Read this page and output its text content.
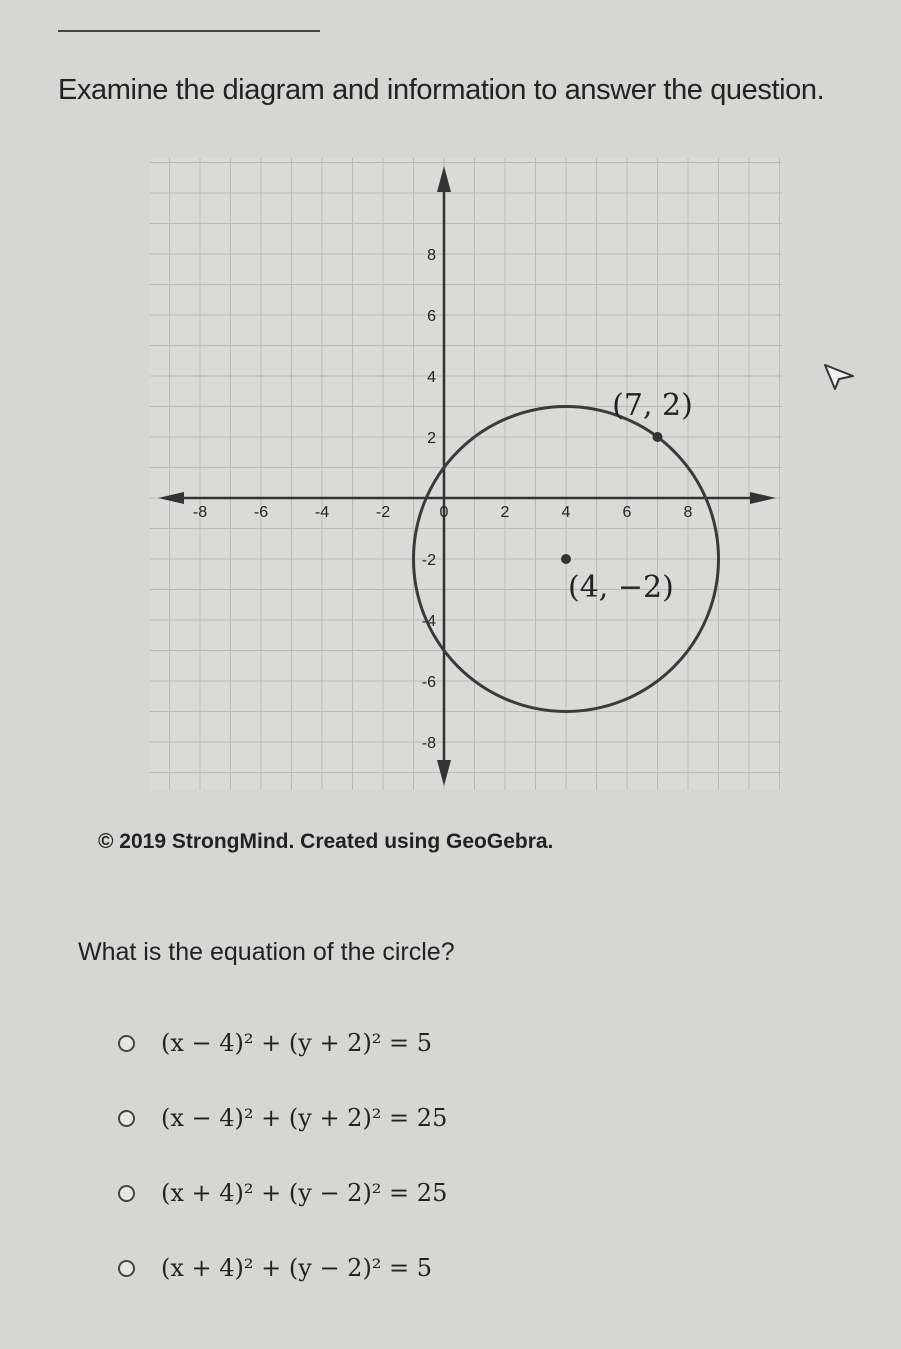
Examine the diagram and information to answer the question.
-8	-6	-4	-2	0	2	4	6	8
-8
-6
-4
-2
2
4
6
8
(4, −2)
(7, 2)
© 2019 StrongMind. Created using GeoGebra.
What is the equation of the circle?
(x − 4)² + (y + 2)² = 5
(x − 4)² + (y + 2)² = 25
(x + 4)² + (y − 2)² = 25
(x + 4)² + (y − 2)² = 5
